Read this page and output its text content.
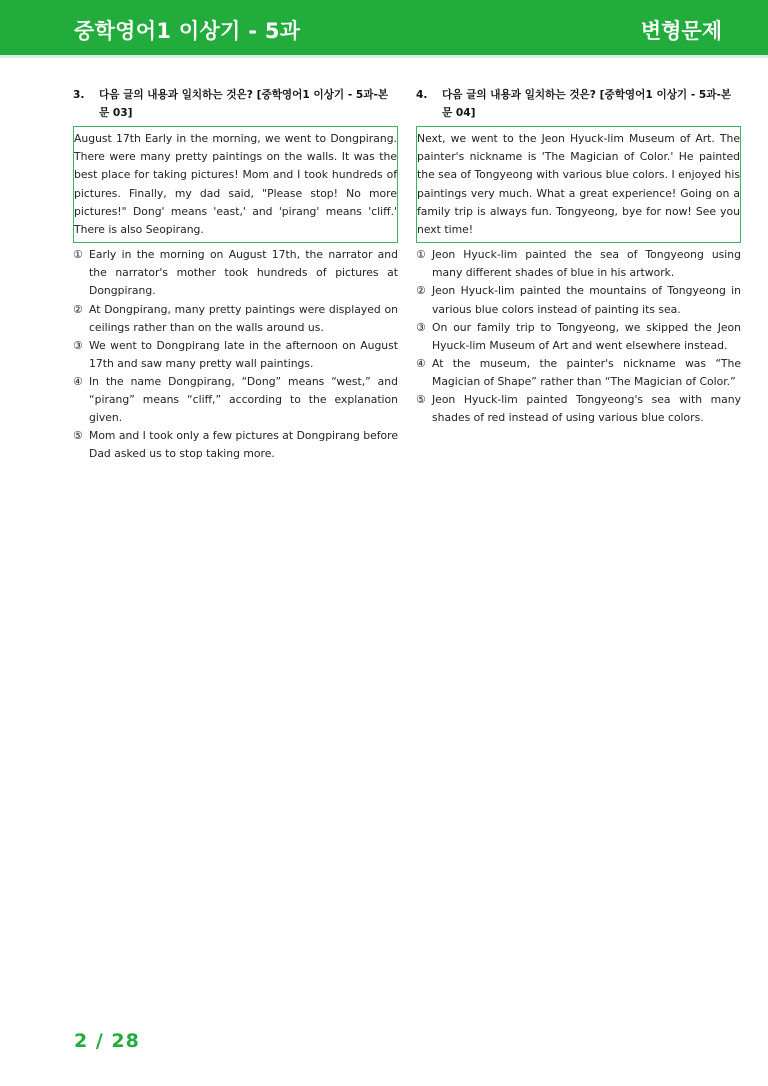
중학영어1 이상기 - 5과	변형문제
3.	다음 글의 내용과 일치하는 것은? [중학영어1 이상기 - 5과-본문 03]
August 17th Early in the morning, we went to Dongpirang. There were many pretty paintings on the walls. It was the best place for taking pictures! Mom and I took hundreds of pictures. Finally, my dad said, "Please stop! No more pictures!" Dong' means 'east,' and 'pirang' means 'cliff.' There is also Seopirang.
① Early in the morning on August 17th, the narrator and the narrator's mother took hundreds of pictures at Dongpirang.
② At Dongpirang, many pretty paintings were displayed on ceilings rather than on the walls around us.
③ We went to Dongpirang late in the afternoon on August 17th and saw many pretty wall paintings.
④ In the name Dongpirang, “Dong” means “west,” and “pirang” means “cliff,” according to the explanation given.
⑤ Mom and I took only a few pictures at Dongpirang before Dad asked us to stop taking more.
4.	다음 글의 내용과 일치하는 것은? [중학영어1 이상기 - 5과-본문 04]
Next, we went to the Jeon Hyuck-lim Museum of Art. The painter's nickname is 'The Magician of Color.' He painted the sea of Tongyeong with various blue colors. I enjoyed his paintings very much. What a great experience! Going on a family trip is always fun. Tongyeong, bye for now! See you next time!
① Jeon Hyuck-lim painted the sea of Tongyeong using many different shades of blue in his artwork.
② Jeon Hyuck-lim painted the mountains of Tongyeong in various blue colors instead of painting its sea.
③ On our family trip to Tongyeong, we skipped the Jeon Hyuck-lim Museum of Art and went elsewhere instead.
④ At the museum, the painter's nickname was “The Magician of Shape” rather than “The Magician of Color.”
⑤ Jeon Hyuck-lim painted Tongyeong's sea with many shades of red instead of using various blue colors.
2 / 28
